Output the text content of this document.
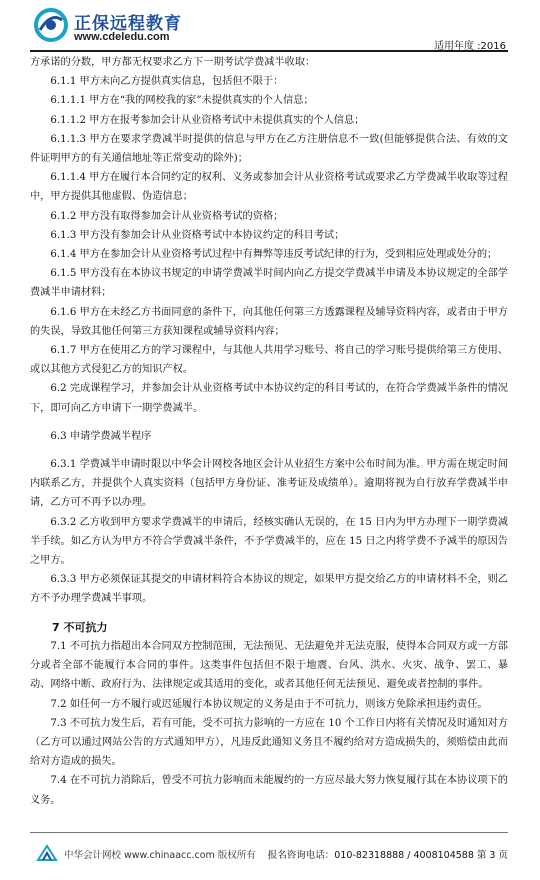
正保远程教育
www.cdeledu.com
适用年度 :2016

方承诺的分数，甲方都无权要求乙方下一期考试学费减半收取：

6.1.1 甲方未向乙方提供真实信息，包括但不限于：

6.1.1.1 甲方在“我的网校我的家”未提供真实的个人信息；

6.1.1.2 甲方在报考参加会计从业资格考试中未提供真实的个人信息；

6.1.1.3 甲方在要求学费减半时提供的信息与甲方在乙方注册信息不一致(但能够提供合法、有效的文件证明甲方的有关通信地址等正常变动的除外)；

6.1.1.4 甲方在履行本合同约定的权利、义务或参加会计从业资格考试或要求乙方学费减半收取等过程中，甲方提供其他虚假、伪造信息；

6.1.2 甲方没有取得参加会计从业资格考试的资格；

6.1.3 甲方没有参加会计从业资格考试中本协议约定的科目考试；

6.1.4 甲方在参加会计从业资格考试过程中有舞弊等违反考试纪律的行为，受到相应处理或处分的；

6.1.5 甲方没有在本协议书规定的申请学费减半时间内向乙方提交学费减半申请及本协议规定的全部学费减半申请材料；

6.1.6 甲方在未经乙方书面同意的条件下，向其他任何第三方透露课程及辅导资料内容，或者由于甲方的失误，导致其他任何第三方获知课程或辅导资料内容；

6.1.7 甲方在使用乙方的学习课程中，与其他人共用学习账号、将自己的学习账号提供给第三方使用、或以其他方式侵犯乙方的知识产权。

6.2 完成课程学习，并参加会计从业资格考试中本协议约定的科目考试的，在符合学费减半条件的情况下，即可向乙方申请下一期学费减半。

6.3 申请学费减半程序

6.3.1 学费减半申请时限以中华会计网校各地区会计从业招生方案中公布时间为准。甲方需在规定时间内联系乙方，并提供个人真实资料（包括甲方身份证、准考证及成绩单）。逾期将视为自行放弃学费减半申请，乙方可不再予以办理。

6.3.2 乙方收到甲方要求学费减半的申请后，经核实确认无误的，在 15 日内为甲方办理下一期学费减半手续。如乙方认为甲方不符合学费减半条件，不予学费减半的，应在 15 日之内将学费不予减半的原因告之甲方。

6.3.3 甲方必须保证其提交的申请材料符合本协议的规定，如果甲方提交给乙方的申请材料不全，则乙方不予办理学费减半事项。

7 不可抗力

7.1 不可抗力指超出本合同双方控制范围，无法预见、无法避免并无法克服，使得本合同双方或一方部分或者全部不能履行本合同的事件。这类事件包括但不限于地震、台风、洪水、火灾、战争、罢工、暴动、网络中断、政府行为、法律规定或其适用的变化，或者其他任何无法预见、避免或者控制的事件。

7.2 如任何一方不履行或迟延履行本协议规定的义务是由于不可抗力，则该方免除承担违约责任。

7.3 不可抗力发生后，若有可能，受不可抗力影响的一方应在 10 个工作日内将有关情况及时通知对方（乙方可以通过网站公告的方式通知甲方），凡违反此通知义务且不履约给对方造成损失的，须赔偿由此而给对方造成的损失。

7.4 在不可抗力消除后，曾受不可抗力影响而未能履约的一方应尽最大努力恢复履行其在本协议项下的义务。

中华会计网校 www.chinaacc.com 版权所有 报名咨询电话：010-82318888 / 4008104588 第 3 页
